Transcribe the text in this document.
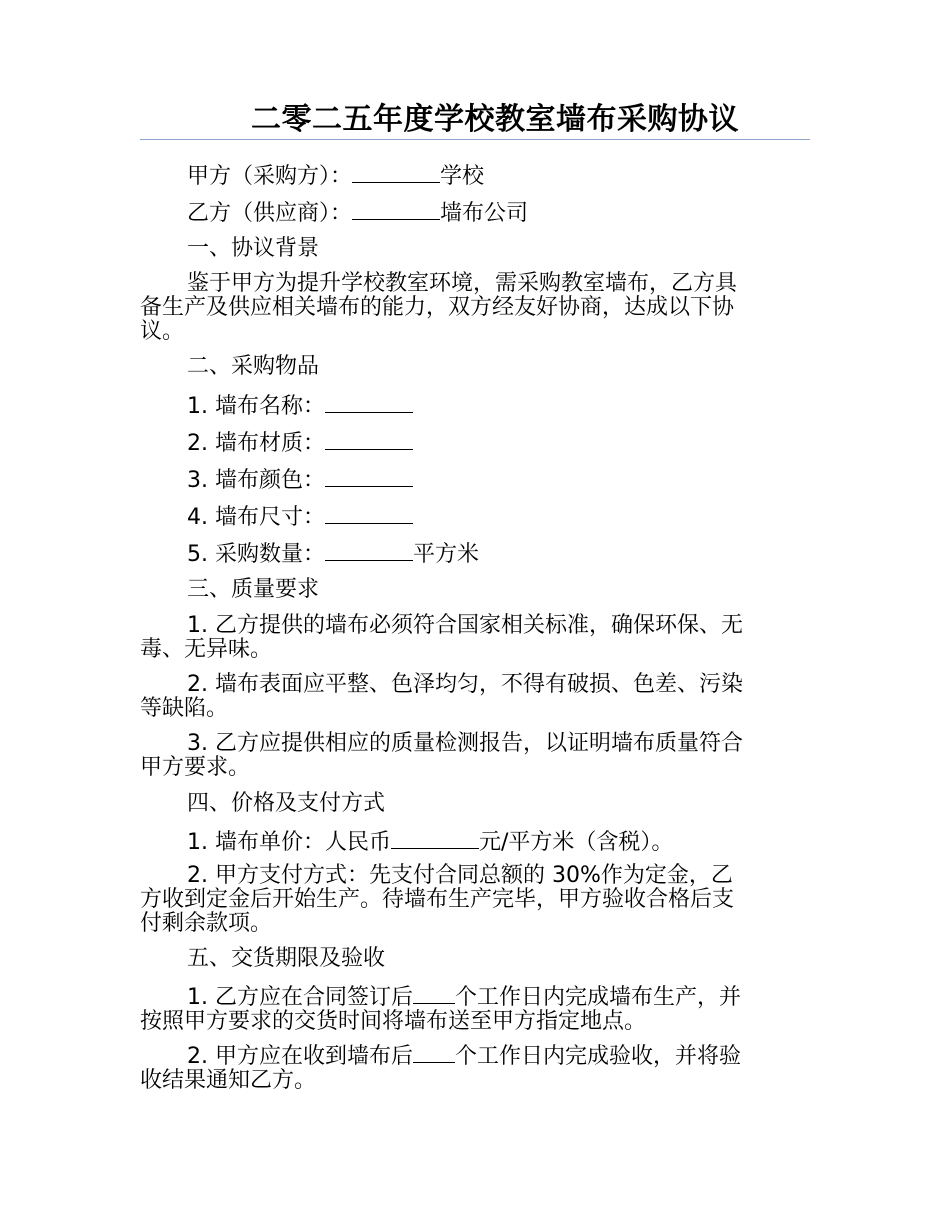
二零二五年度学校教室墙布采购协议
甲方（采购方）：	学校
乙方（供应商）：	墙布公司
一、协议背景
鉴于甲方为提升学校教室环境，需采购教室墙布，乙方具
备生产及供应相关墙布的能力，双方经友好协商，达成以下协
议。
二、采购物品
1. 墙布名称：
2. 墙布材质：
3. 墙布颜色：
4. 墙布尺寸：
5. 采购数量：	平方米
三、质量要求
1. 乙方提供的墙布必须符合国家相关标准，确保环保、无
毒、无异味。
2. 墙布表面应平整、色泽均匀，不得有破损、色差、污染
等缺陷。
3. 乙方应提供相应的质量检测报告，以证明墙布质量符合
甲方要求。
四、价格及支付方式
1. 墙布单价：人民币	元/平方米（含税）。
2. 甲方支付方式：先支付合同总额的 30%作为定金，乙
方收到定金后开始生产。待墙布生产完毕，甲方验收合格后支
付剩余款项。
五、交货期限及验收
1. 乙方应在合同签订后 个工作日内完成墙布生产，并
按照甲方要求的交货时间将墙布送至甲方指定地点。
2. 甲方应在收到墙布后 个工作日内完成验收，并将验
收结果通知乙方。
